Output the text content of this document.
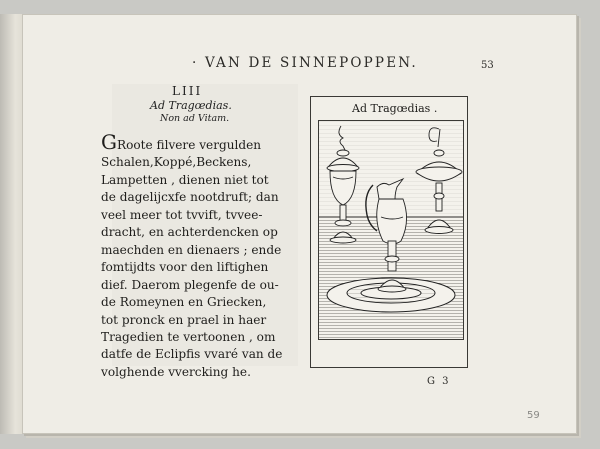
· VAN DE SINNEPOPPEN.	53
LIII
Ad Tragœdias.
Non ad Vitam.
GRoote filvere vergulden
Schalen,Koppé,Beckens,
Lampetten , dienen niet tot
de dagelijcxfe nootdruft; dan
veel meer tot tvvift, tvvee-
dracht, en achterdencken op
maechden en dienaers ; ende
fomtijdts voor den liftighen
dief. Daerom plegenfe de ou-
de Romeynen en Griecken,
tot pronck en prael in haer
Tragedien te vertoonen , om
datfe de Eclipfis vvaré van de
volghende vvercking he.
Ad Tragœdias .
G 3
59
